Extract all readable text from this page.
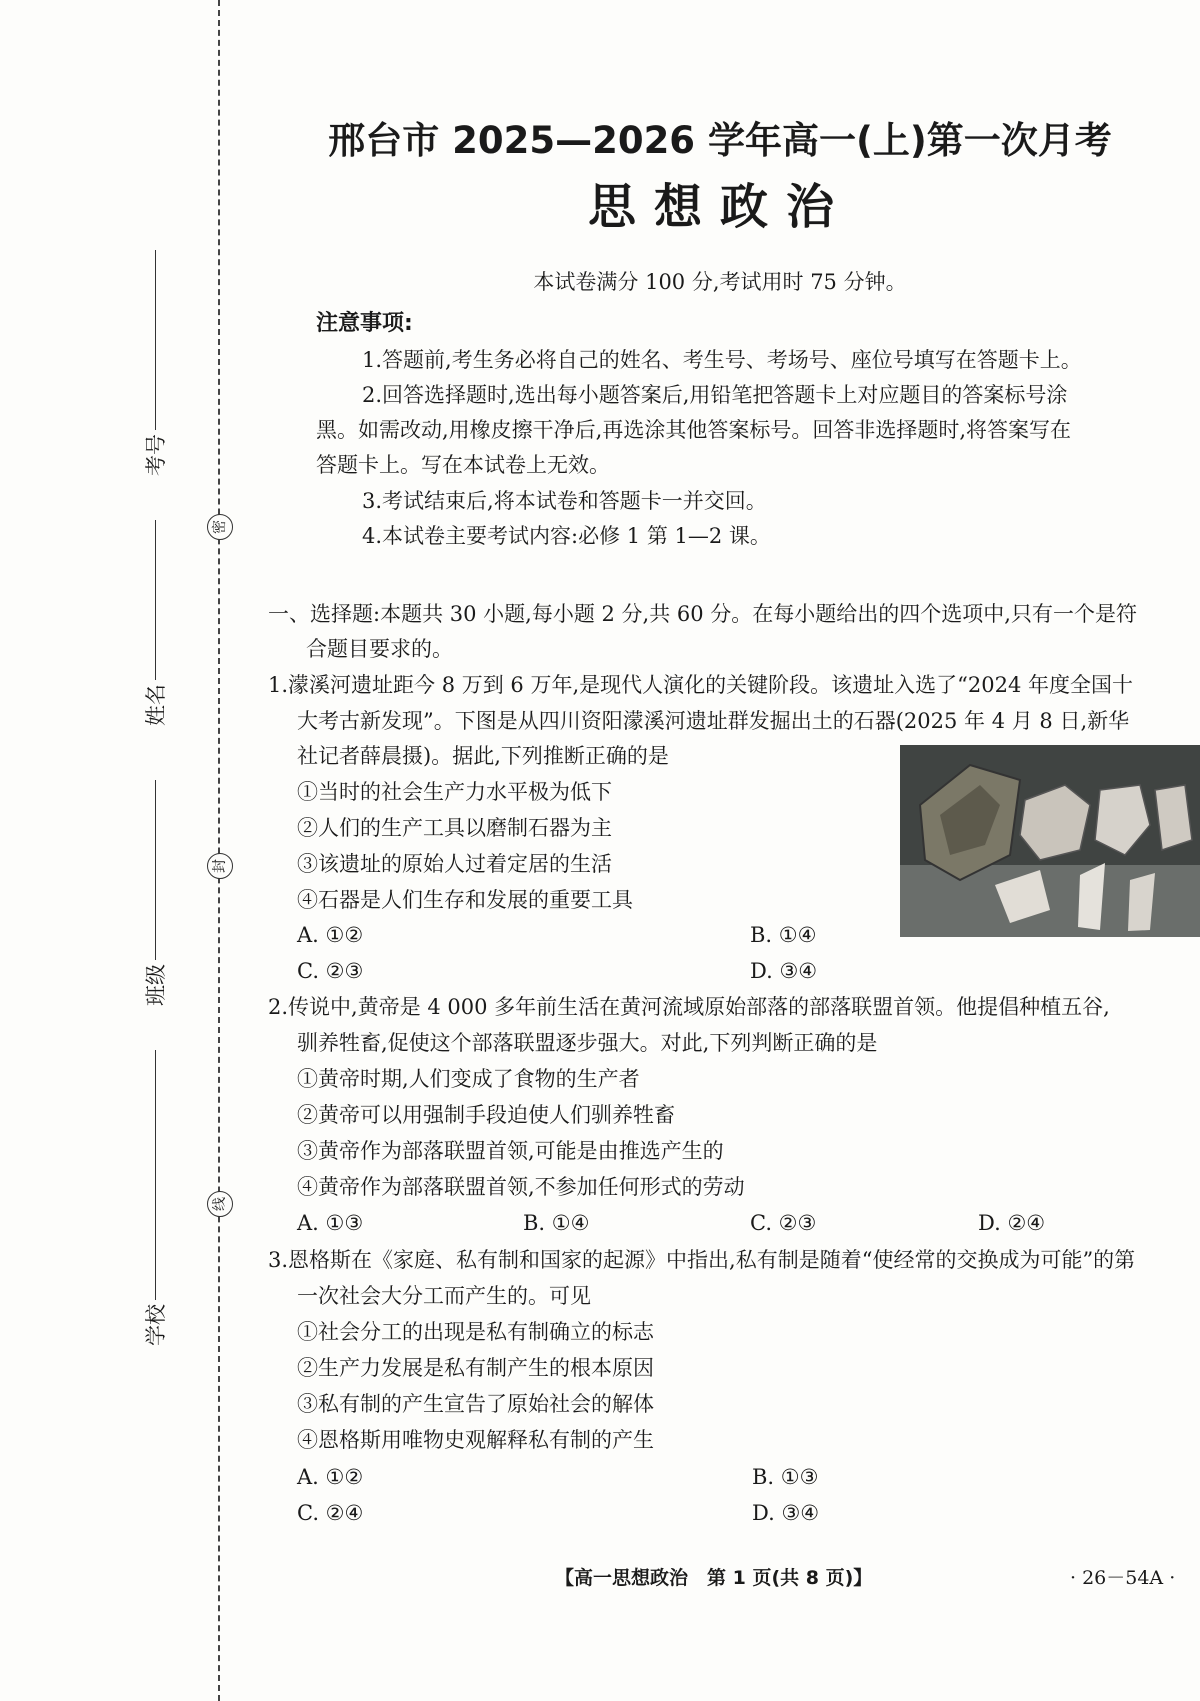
密
封
线
考号
姓名
班级
学校
邢台市 2025—2026 学年高一(上)第一次月考
思想政治
本试卷满分 100 分,考试用时 75 分钟。
注意事项:
1.答题前,考生务必将自己的姓名、考生号、考场号、座位号填写在答题卡上。
2.回答选择题时,选出每小题答案后,用铅笔把答题卡上对应题目的答案标号涂
黑。如需改动,用橡皮擦干净后,再选涂其他答案标号。回答非选择题时,将答案写在
答题卡上。写在本试卷上无效。
3.考试结束后,将本试卷和答题卡一并交回。
4.本试卷主要考试内容:必修 1 第 1—2 课。
一、选择题:本题共 30 小题,每小题 2 分,共 60 分。在每小题给出的四个选项中,只有一个是符
合题目要求的。
1.濛溪河遗址距今 8 万到 6 万年,是现代人演化的关键阶段。该遗址入选了“2024 年度全国十
大考古新发现”。下图是从四川资阳濛溪河遗址群发掘出土的石器(2025 年 4 月 8 日,新华
社记者薛晨摄)。据此,下列推断正确的是
①当时的社会生产力水平极为低下
②人们的生产工具以磨制石器为主
③该遗址的原始人过着定居的生活
④石器是人们生存和发展的重要工具
A. ①②	B. ①④
C. ②③	D. ③④
2.传说中,黄帝是 4 000 多年前生活在黄河流域原始部落的部落联盟首领。他提倡种植五谷,
驯养牲畜,促使这个部落联盟逐步强大。对此,下列判断正确的是
①黄帝时期,人们变成了食物的生产者
②黄帝可以用强制手段迫使人们驯养牲畜
③黄帝作为部落联盟首领,可能是由推选产生的
④黄帝作为部落联盟首领,不参加任何形式的劳动
A. ①③	B. ①④	C. ②③	D. ②④
3.恩格斯在《家庭、私有制和国家的起源》中指出,私有制是随着“使经常的交换成为可能”的第
一次社会大分工而产生的。可见
①社会分工的出现是私有制确立的标志
②生产力发展是私有制产生的根本原因
③私有制的产生宣告了原始社会的解体
④恩格斯用唯物史观解释私有制的产生
A. ①②	B. ①③
C. ②④	D. ③④
【高一思想政治　第 1 页(共 8 页)】	· 26－54A ·
